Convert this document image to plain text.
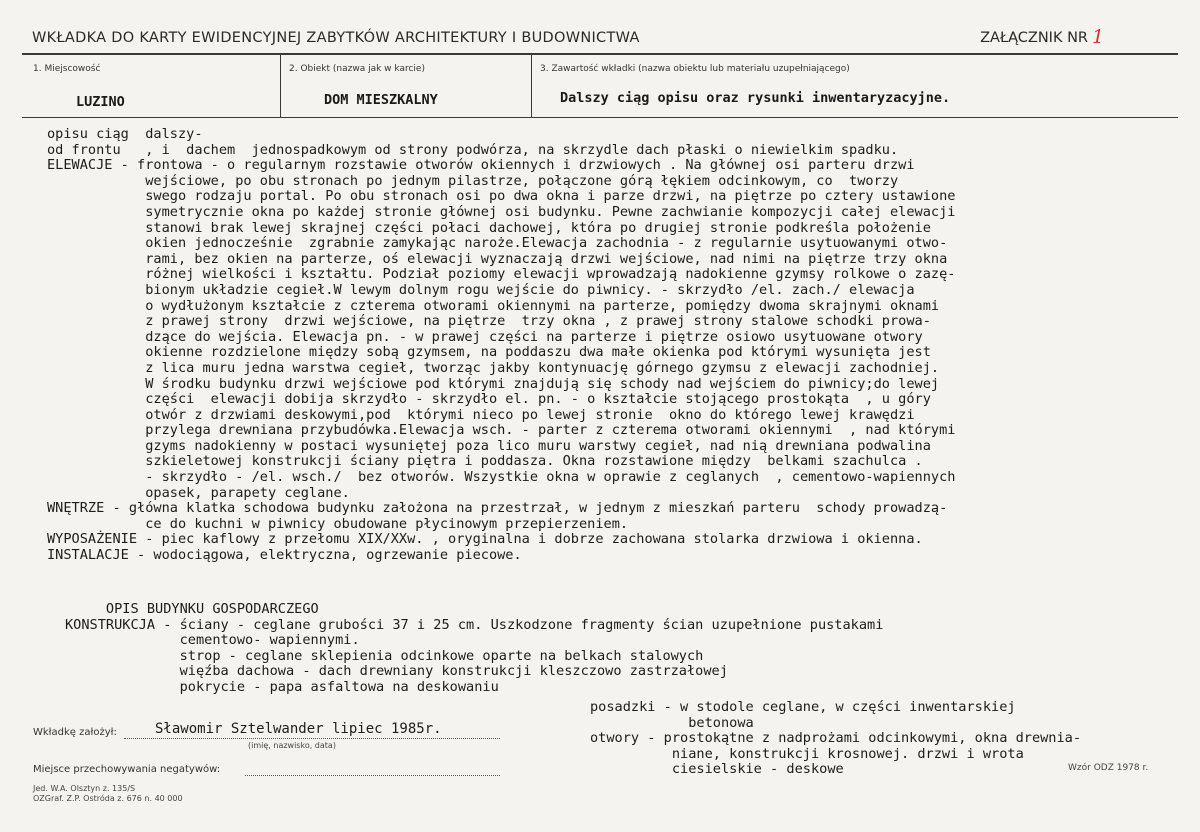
WKŁADKA DO KARTY EWIDENCYJNEJ ZABYTKÓW ARCHITEKTURY I BUDOWNICTWA	ZAŁĄCZNIK NR 1
1. Miejscowość
LUZINO
2. Obiekt (nazwa jak w karcie)
DOM MIESZKALNY
3. Zawartość wkładki (nazwa obiektu lub materiału uzupełniającego)
Dalszy ciąg opisu oraz rysunki inwentaryzacyjne.
opisu ciąg  dalszy-
od frontu   , i  dachem  jednospadkowym od strony podwórza, na skrzydle dach płaski o niewielkim spadku.
ELEWACJE - frontowa - o regularnym rozstawie otworów okiennych i drzwiowych . Na głównej osi parteru drzwi
wejściowe, po obu stronach po jednym pilastrze, połączone górą łękiem odcinkowym, co  tworzy
swego rodzaju portal. Po obu stronach osi po dwa okna i parze drzwi, na piętrze po cztery ustawione
symetrycznie okna po każdej stronie głównej osi budynku. Pewne zachwianie kompozycji całej elewacji
stanowi brak lewej skrajnej części połaci dachowej, która po drugiej stronie podkreśla położenie
okien jednocześnie  zgrabnie zamykając naroże.Elewacja zachodnia - z regularnie usytuowanymi otwo-
rami, bez okien na parterze, oś elewacji wyznaczają drzwi wejściowe, nad nimi na piętrze trzy okna
różnej wielkości i kształtu. Podział poziomy elewacji wprowadzają nadokienne gzymsy rolkowe o zazę-
bionym układzie cegieł.W lewym dolnym rogu wejście do piwnicy. - skrzydło /el. zach./ elewacja
o wydłużonym kształcie z czterema otworami okiennymi na parterze, pomiędzy dwoma skrajnymi oknami
z prawej strony  drzwi wejściowe, na piętrze  trzy okna , z prawej strony stalowe schodki prowa-
dzące do wejścia. Elewacja pn. - w prawej części na parterze i piętrze osiowo usytuowane otwory
okienne rozdzielone między sobą gzymsem, na poddaszu dwa małe okienka pod którymi wysunięta jest
z lica muru jedna warstwa cegieł, tworząc jakby kontynuację górnego gzymsu z elewacji zachodniej.
W środku budynku drzwi wejściowe pod którymi znajdują się schody nad wejściem do piwnicy;do lewej
części  elewacji dobija skrzydło - skrzydło el. pn. - o kształcie stojącego prostokąta  , u góry
otwór z drzwiami deskowymi,pod  którymi nieco po lewej stronie  okno do którego lewej krawędzi
przylega drewniana przybudówka.Elewacja wsch. - parter z czterema otworami okiennymi  , nad którymi
gzyms nadokienny w postaci wysuniętej poza lico muru warstwy cegieł, nad nią drewniana podwalina
szkieletowej konstrukcji ściany piętra i poddasza. Okna rozstawione między  belkami szachulca .
- skrzydło - /el. wsch./  bez otworów. Wszystkie okna w oprawie z ceglanych  , cementowo-wapiennych
opasek, parapety ceglane.
WNĘTRZE - główna klatka schodowa budynku założona na przestrzał, w jednym z mieszkań parteru  schody prowadzą-
ce do kuchni w piwnicy obudowane płycinowym przepierzeniem.
WYPOSAŻENIE - piec kaflowy z przełomu XIX/XXw. , oryginalna i dobrze zachowana stolarka drzwiowa i okienna.
INSTALACJE - wodociągowa, elektryczna, ogrzewanie piecowe.
OPIS BUDYNKU GOSPODARCZEGO
KONSTRUKCJA - ściany - ceglane grubości 37 i 25 cm. Uszkodzone fragmenty ścian uzupełnione pustakami
cementowo- wapiennymi.
strop - ceglane sklepienia odcinkowe oparte na belkach stalowych
więźba dachowa - dach drewniany konstrukcji kleszczowo zastrzałowej
pokrycie - papa asfaltowa na deskowaniu
posadzki - w stodole ceglane, w części inwentarskiej
betonowa
otwory - prostokątne z nadprożami odcinkowymi, okna drewnia-
niane, konstrukcji krosnowej. drzwi i wrota
ciesielskie - deskowe
Wkładkę założył:	Sławomir Sztelwander lipiec 1985r.
(imię, nazwisko, data)
Miejsce przechowywania negatywów:
Jed. W.A. Olsztyn z. 135/S
OZGraf. Z.P. Ostróda z. 676 n. 40 000
Wzór ODZ 1978 r.
